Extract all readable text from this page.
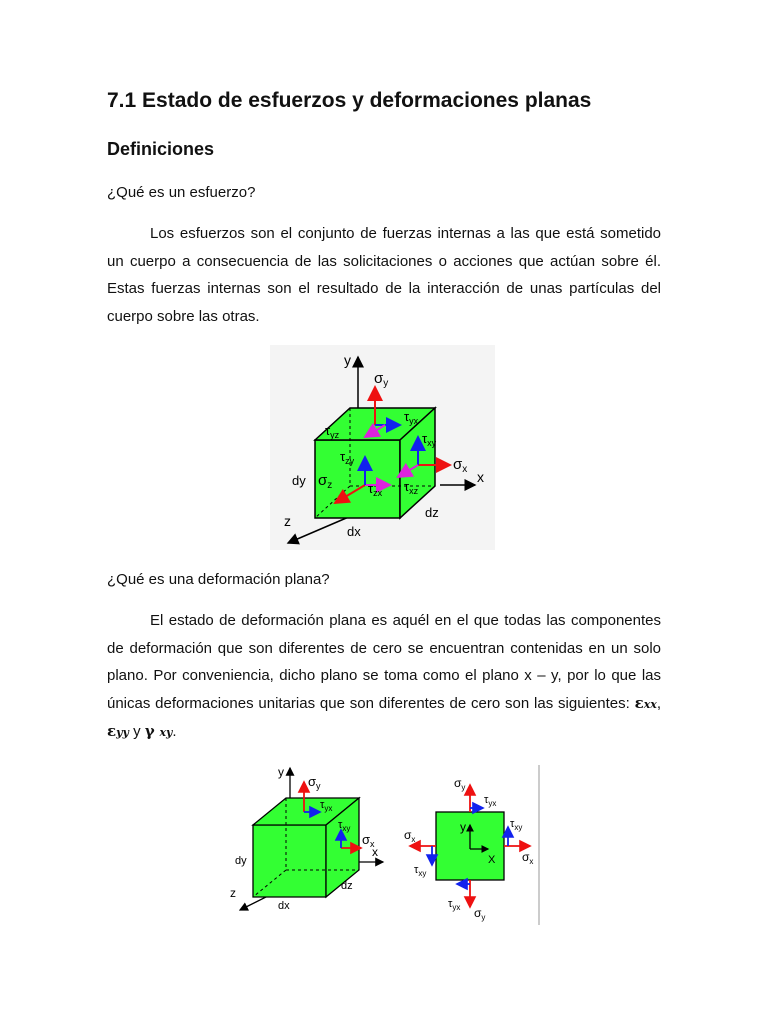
7.1 Estado de esfuerzos y deformaciones planas
Definiciones

¿Qué es un esfuerzo?

Los esfuerzos son el conjunto de fuerzas internas a las que está sometido un cuerpo a consecuencia de las solicitaciones o acciones que actúan sobre él. Estas fuerzas internas son el resultado de la interacción de unas partículas del cuerpo sobre las otras.

y
x
z
dy
dx
dz
$\sigma_y$
$\tau_{yx}$
$\tau_{xy}$
$\sigma_x$
$\tau_{yz}$
$\tau_{zy}$
$\sigma_z$	$\tau_{zx}$ $\tau_{xz}$

¿Qué es una deformación plana?

El estado de deformación plana es aquél en el que todas las componentes de deformación que son diferentes de cero se encuentran contenidas en un solo plano. Por conveniencia, dicho plano se toma como el plano x – y, por lo que las únicas deformaciones unitarias que son diferentes de cero son las siguientes: εxx, εyy y γ xy.

y
x
z
dy
dx
dz
$\sigma_y$
$\tau_{yx}$
$\tau_{xy}$
$\sigma_x$
y
X
$\sigma_y$
$\tau_{yx}$
$\tau_{xy}$
$\sigma_x$
$\sigma_x$
$\tau_{xy}$
$\tau_{yx}$ $\sigma_y$
